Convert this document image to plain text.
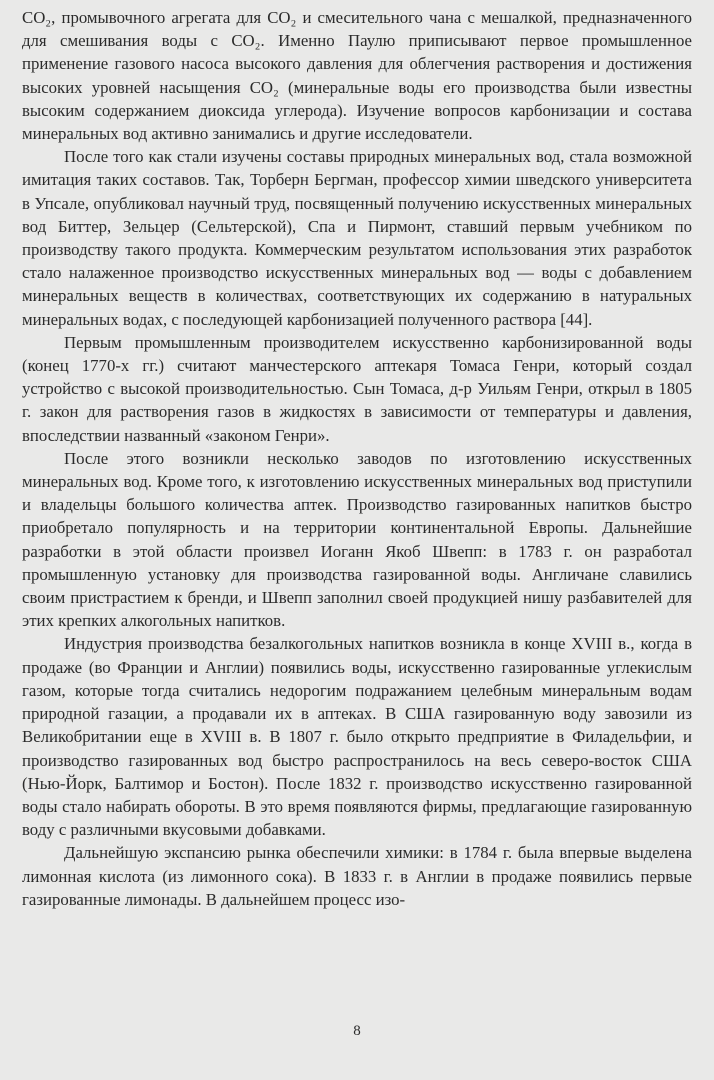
CO₂, промывочного агрегата для CO₂ и смесительного чана с мешалкой, предназначенного для смешивания воды с CO₂. Именно Паулю приписывают первое промышленное применение газового насоса высокого давления для облегчения растворения и достижения высоких уровней насыщения CO₂ (минеральные воды его производства были известны высоким содержанием диоксида углерода). Изучение вопросов карбонизации и состава минеральных вод активно занимались и другие исследователи.

После того как стали изучены составы природных минеральных вод, стала возможной имитация таких составов. Так, Торберн Бергман, профессор химии шведского университета в Упсале, опубликовал научный труд, посвященный получению искусственных минеральных вод Биттер, Зельцер (Сельтерской), Спа и Пирмонт, ставший первым учебником по производству такого продукта. Коммерческим результатом использования этих разработок стало налаженное производство искусственных минеральных вод — воды с добавлением минеральных веществ в количествах, соответствующих их содержанию в натуральных минеральных водах, с последующей карбонизацией полученного раствора [44].

Первым промышленным производителем искусственно карбонизированной воды (конец 1770-х гг.) считают манчестерского аптекаря Томаса Генри, который создал устройство с высокой производительностью. Сын Томаса, д-р Уильям Генри, открыл в 1805 г. закон для растворения газов в жидкостях в зависимости от температуры и давления, впоследствии названный «законом Генри».

После этого возникли несколько заводов по изготовлению искусственных минеральных вод. Кроме того, к изготовлению искусственных минеральных вод приступили и владельцы большого количества аптек. Производство газированных напитков быстро приобретало популярность и на территории континентальной Европы. Дальнейшие разработки в этой области произвел Иоганн Якоб Швепп: в 1783 г. он разработал промышленную установку для производства газированной воды. Англичане славились своим пристрастием к бренди, и Швепп заполнил своей продукцией нишу разбавителей для этих крепких алкогольных напитков.

Индустрия производства безалкогольных напитков возникла в конце XVIII в., когда в продаже (во Франции и Англии) появились воды, искусственно газированные углекислым газом, которые тогда считались недорогим подражанием целебным минеральным водам природной газации, а продавали их в аптеках. В США газированную воду завозили из Великобритании еще в XVIII в. В 1807 г. было открыто предприятие в Филадельфии, и производство газированных вод быстро распространилось на весь северо-восток США (Нью-Йорк, Балтимор и Бостон). После 1832 г. производство искусственно газированной воды стало набирать обороты. В это время появляются фирмы, предлагающие газированную воду с различными вкусовыми добавками.

Дальнейшую экспансию рынка обеспечили химики: в 1784 г. была впервые выделена лимонная кислота (из лимонного сока). В 1833 г. в Англии в продаже появились первые газированные лимонады. В дальнейшем процесс изо-

8
